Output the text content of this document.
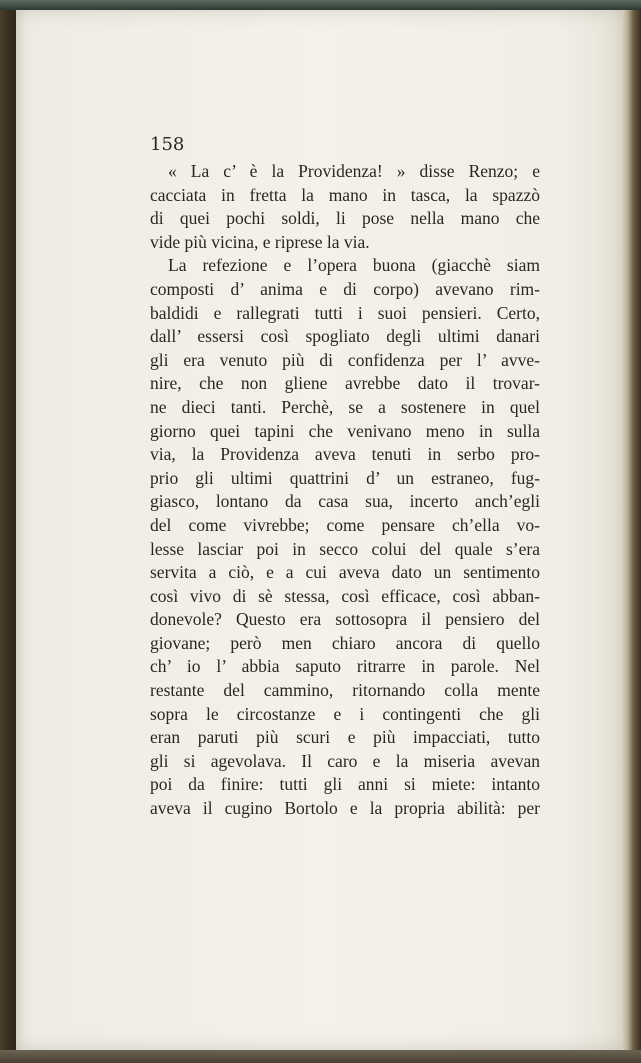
158
« La c’ è la Providenza! » disse Renzo; e
cacciata in fretta la mano in tasca, la spazzò
di quei pochi soldi, li pose nella mano che
vide più vicina, e riprese la via.
La refezione e l’opera buona (giacchè siam
composti d’ anima e di corpo) avevano rim-
baldidi e rallegrati tutti i suoi pensieri. Certo,
dall’ essersi così spogliato degli ultimi danari
gli era venuto più di confidenza per l’ avve-
nire, che non gliene avrebbe dato il trovar-
ne dieci tanti. Perchè, se a sostenere in quel
giorno quei tapini che venivano meno in sulla
via, la Providenza aveva tenuti in serbo pro-
prio gli ultimi quattrini d’ un estraneo, fug-
giasco, lontano da casa sua, incerto anch’egli
del come vivrebbe; come pensare ch’ella vo-
lesse lasciar poi in secco colui del quale s’era
servita a ciò, e a cui aveva dato un sentimento
così vivo di sè stessa, così efficace, così abban-
donevole? Questo era sottosopra il pensiero del
giovane; però men chiaro ancora di quello
ch’ io l’ abbia saputo ritrarre in parole. Nel
restante del cammino, ritornando colla mente
sopra le circostanze e i contingenti che gli
eran paruti più scuri e più impacciati, tutto
gli si agevolava. Il caro e la miseria avevan
poi da finire: tutti gli anni si miete: intanto
aveva il cugino Bortolo e la propria abilità: per
